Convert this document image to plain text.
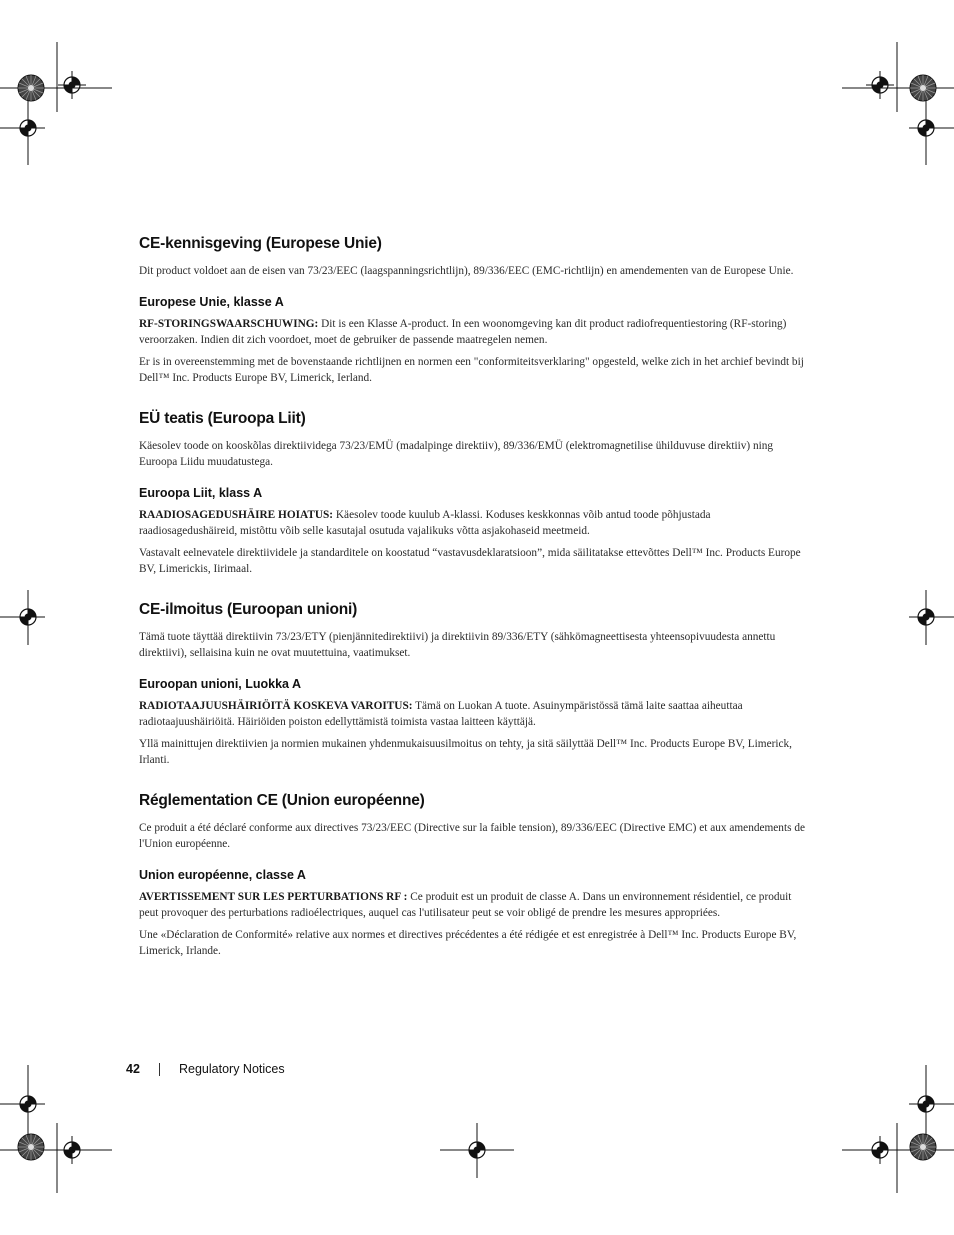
CE-kennisgeving (Europese Unie)

Dit product voldoet aan de eisen van 73/23/EEC (laagspanningsrichtlijn), 89/336/EEC (EMC-richtlijn) en amendementen van de Europese Unie.

Europese Unie, klasse A

RF-STORINGSWAARSCHUWING: Dit is een Klasse A-product. In een woonomgeving kan dit product radiofrequentiestoring (RF-storing) veroorzaken. Indien dit zich voordoet, moet de gebruiker de passende maatregelen nemen.

Er is in overeenstemming met de bovenstaande richtlijnen en normen een "conformiteitsverklaring" opgesteld, welke zich in het archief bevindt bij Dell™ Inc. Products Europe BV, Limerick, Ierland.

EÜ teatis (Euroopa Liit)

Käesolev toode on kooskõlas direktiividega 73/23/EMÜ (madalpinge direktiiv), 89/336/EMÜ (elektromagnetilise ühilduvuse direktiiv) ning Euroopa Liidu muudatustega.

Euroopa Liit, klass A

RAADIOSAGEDUSHÄIRE HOIATUS: Käesolev toode kuulub A-klassi. Koduses keskkonnas võib antud toode põhjustada raadiosagedushäireid, mistõttu võib selle kasutajal osutuda vajalikuks võtta asjakohaseid meetmeid.

Vastavalt eelnevatele direktiividele ja standarditele on koostatud “vastavusdeklaratsioon”, mida säilitatakse ettevõttes Dell™ Inc. Products Europe BV, Limerickis, Iirimaal.

CE-ilmoitus (Euroopan unioni)

Tämä tuote täyttää direktiivin 73/23/ETY (pienjännitedirektiivi) ja direktiivin 89/336/ETY (sähkömagneettisesta yhteensopivuudesta annettu direktiivi), sellaisina kuin ne ovat muutettuina, vaatimukset.

Euroopan unioni, Luokka A

RADIOTAAJUUSHÄIRIÖITÄ KOSKEVA VAROITUS: Tämä on Luokan A tuote. Asuinympäristössä tämä laite saattaa aiheuttaa radiotaajuushäiriöitä. Häiriöiden poiston edellyttämistä toimista vastaa laitteen käyttäjä.

Yllä mainittujen direktiivien ja normien mukainen yhdenmukaisuusilmoitus on tehty, ja sitä säilyttää Dell™ Inc. Products Europe BV, Limerick, Irlanti.

Réglementation CE (Union européenne)

Ce produit a été déclaré conforme aux directives 73/23/EEC (Directive sur la faible tension), 89/336/EEC (Directive EMC) et aux amendements de l'Union européenne.

Union européenne, classe A

AVERTISSEMENT SUR LES PERTURBATIONS RF : Ce produit est un produit de classe A. Dans un environnement résidentiel, ce produit peut provoquer des perturbations radioélectriques, auquel cas l'utilisateur peut se voir obligé de prendre les mesures appropriées.

Une «Déclaration de Conformité» relative aux normes et directives précédentes a été rédigée et est enregistrée à Dell™ Inc. Products Europe BV, Limerick, Irlande.

42	Regulatory Notices
